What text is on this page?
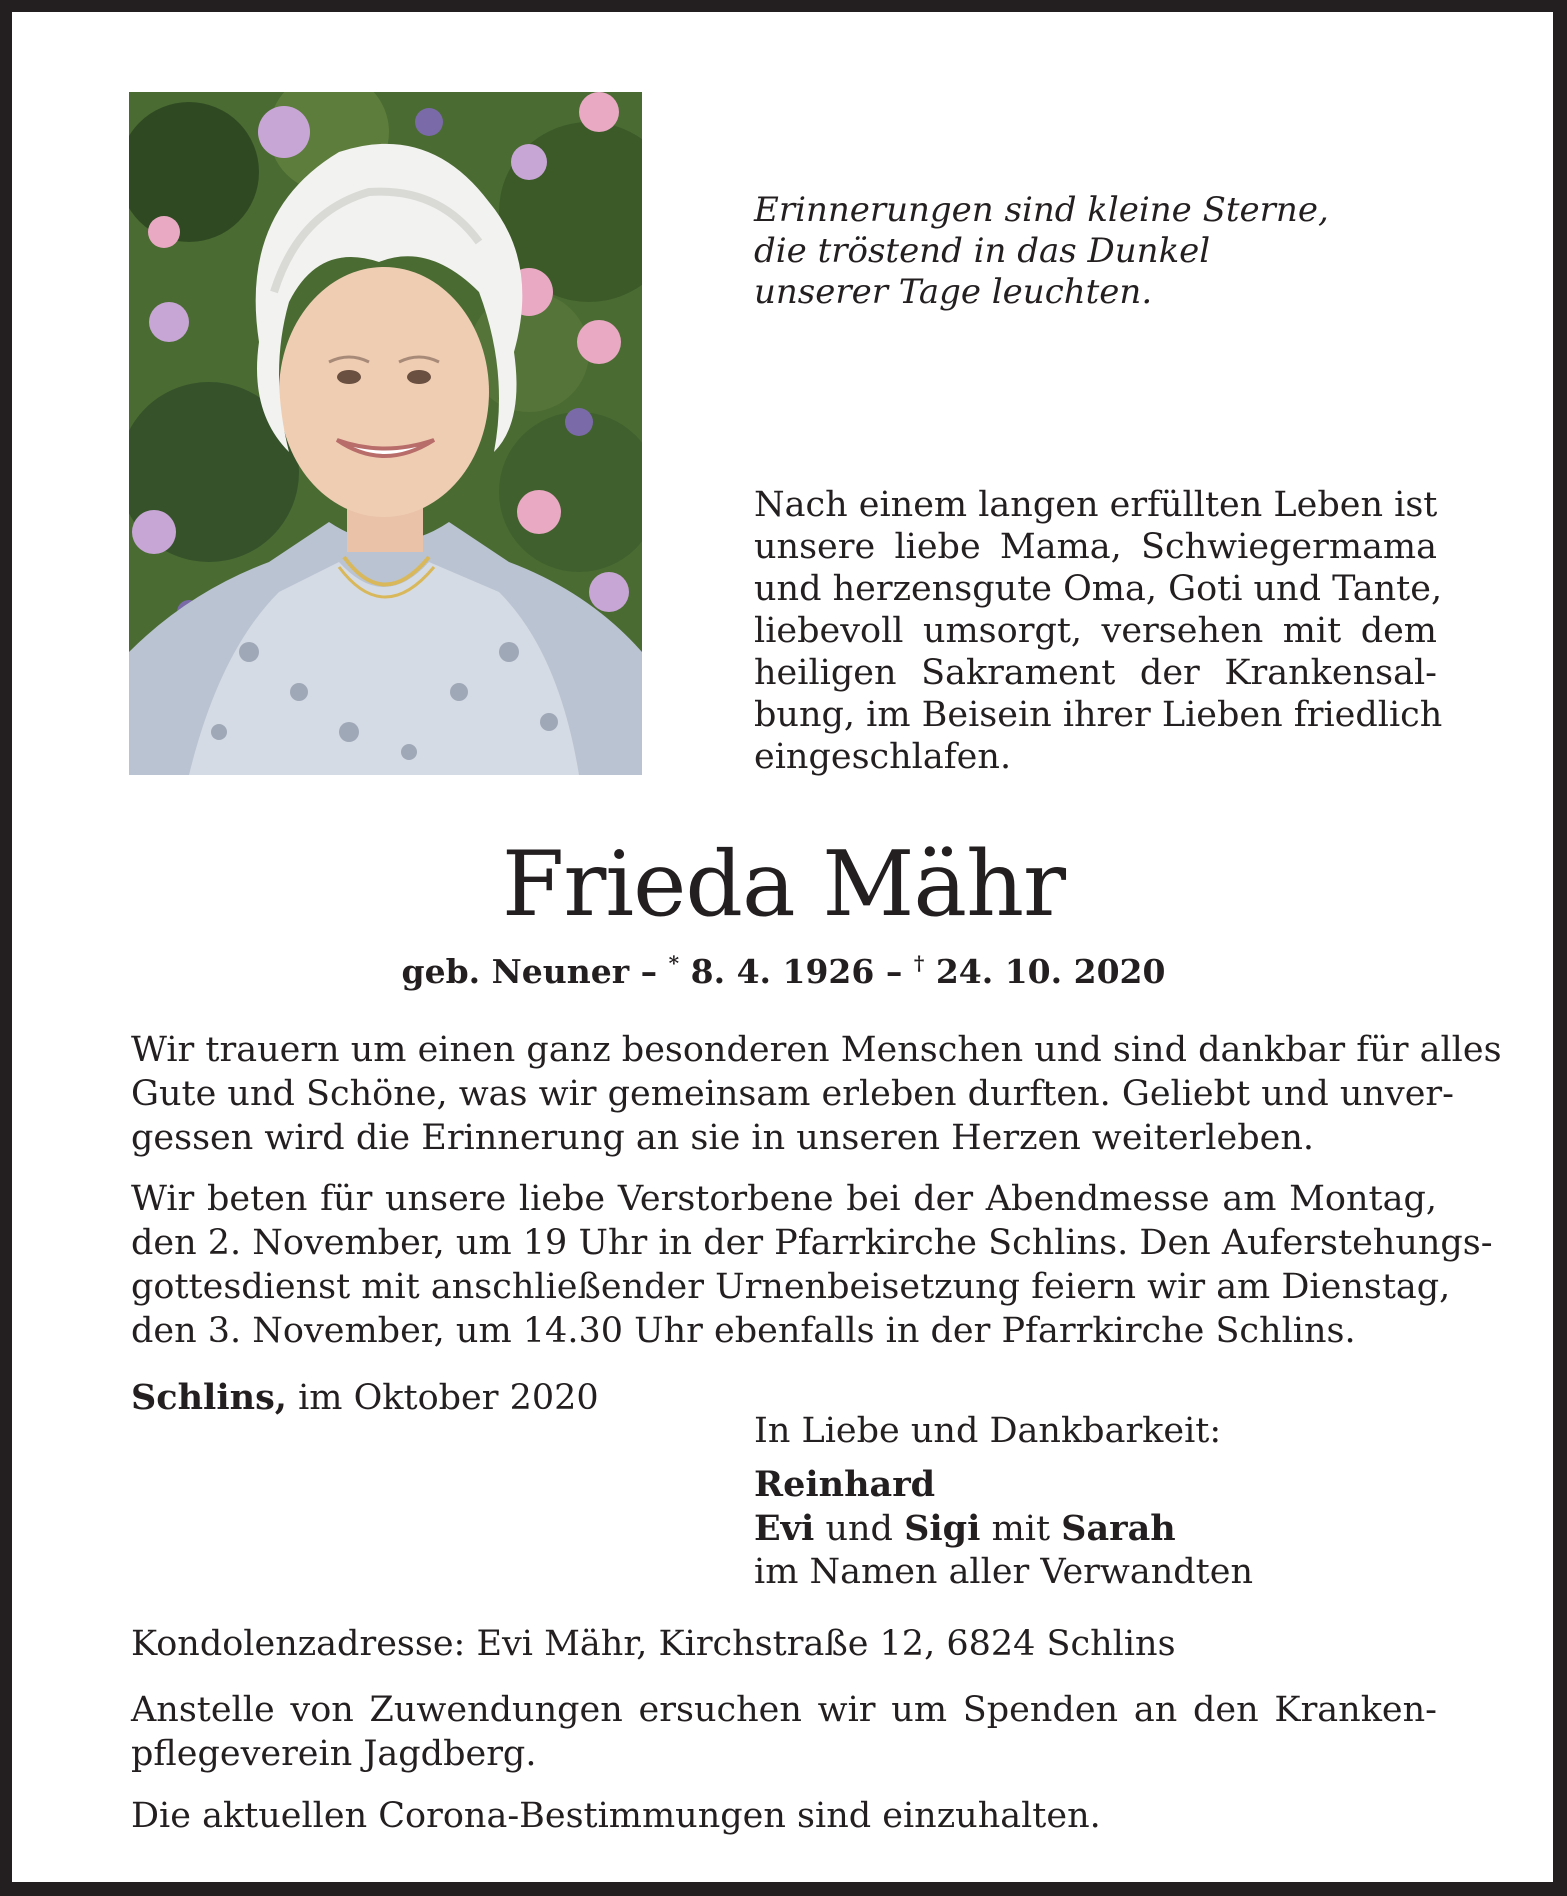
Erinnerungen sind kleine Sterne,
die tröstend in das Dunkel
unserer Tage leuchten.
Nach einem langen erfüllten Leben ist
unsere liebe Mama, Schwiegermama
und herzensgute Oma, Goti und Tante,
liebevoll umsorgt, versehen mit dem
heiligen Sakrament der Krankensal-
bung, im Beisein ihrer Lieben friedlich
eingeschlafen.
Frieda Mähr
geb. Neuner – * 8. 4. 1926 – † 24. 10. 2020
Wir trauern um einen ganz besonderen Menschen und sind dankbar für alles
Gute und Schöne, was wir gemeinsam erleben durften. Geliebt und unver-
gessen wird die Erinnerung an sie in unseren Herzen weiterleben.
Wir beten für unsere liebe Verstorbene bei der Abendmesse am Montag,
den 2. November, um 19 Uhr in der Pfarrkirche Schlins. Den Auferstehungs-
gottesdienst mit anschließender Urnenbeisetzung feiern wir am Dienstag,
den 3. November, um 14.30 Uhr ebenfalls in der Pfarrkirche Schlins.
Schlins, im Oktober 2020
In Liebe und Dankbarkeit:
Reinhard
Evi und Sigi mit Sarah
im Namen aller Verwandten
Kondolenzadresse: Evi Mähr, Kirchstraße 12, 6824 Schlins
Anstelle von Zuwendungen ersuchen wir um Spenden an den Kranken-
pflegeverein Jagdberg.
Die aktuellen Corona-Bestimmungen sind einzuhalten.
